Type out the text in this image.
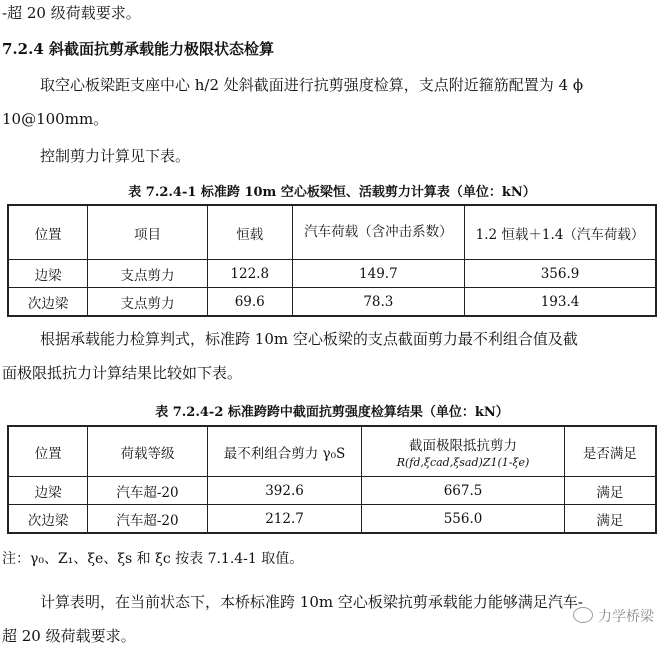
-超 20 级荷载要求。
7.2.4 斜截面抗剪承载能力极限状态检算
取空心板梁距支座中心 h/2 处斜截面进行抗剪强度检算，支点附近箍筋配置为 4 ϕ
10@100mm。
控制剪力计算见下表。
表 7.2.4-1 标准跨 10m 空心板梁恒、活载剪力计算表（单位：kN）
位置	项目	恒载	汽车荷载（含冲击系数）	1.2 恒载＋1.4（汽车荷载）
边梁	支点剪力	122.8	149.7	356.9
次边梁	支点剪力	69.6	78.3	193.4
根据承载能力检算判式，标准跨 10m 空心板梁的支点截面剪力最不利组合值及截
面极限抵抗力计算结果比较如下表。
表 7.2.4-2 标准跨跨中截面抗剪强度检算结果（单位：kN）
位置	荷载等级	最不利组合剪力 γ₀S	截面极限抵抗剪力
R(fd,ξcad,ξsad)Z1(1-ξe)	是否满足
边梁	汽车超-20	392.6	667.5	满足
次边梁	汽车超-20	212.7	556.0	满足
注：γ₀、Z₁、ξe、ξs 和 ξc 按表 7.1.4-1 取值。
计算表明，在当前状态下，本桥标准跨 10m 空心板梁抗剪承载能力能够满足汽车-
超 20 级荷载要求。
力学桥梁
